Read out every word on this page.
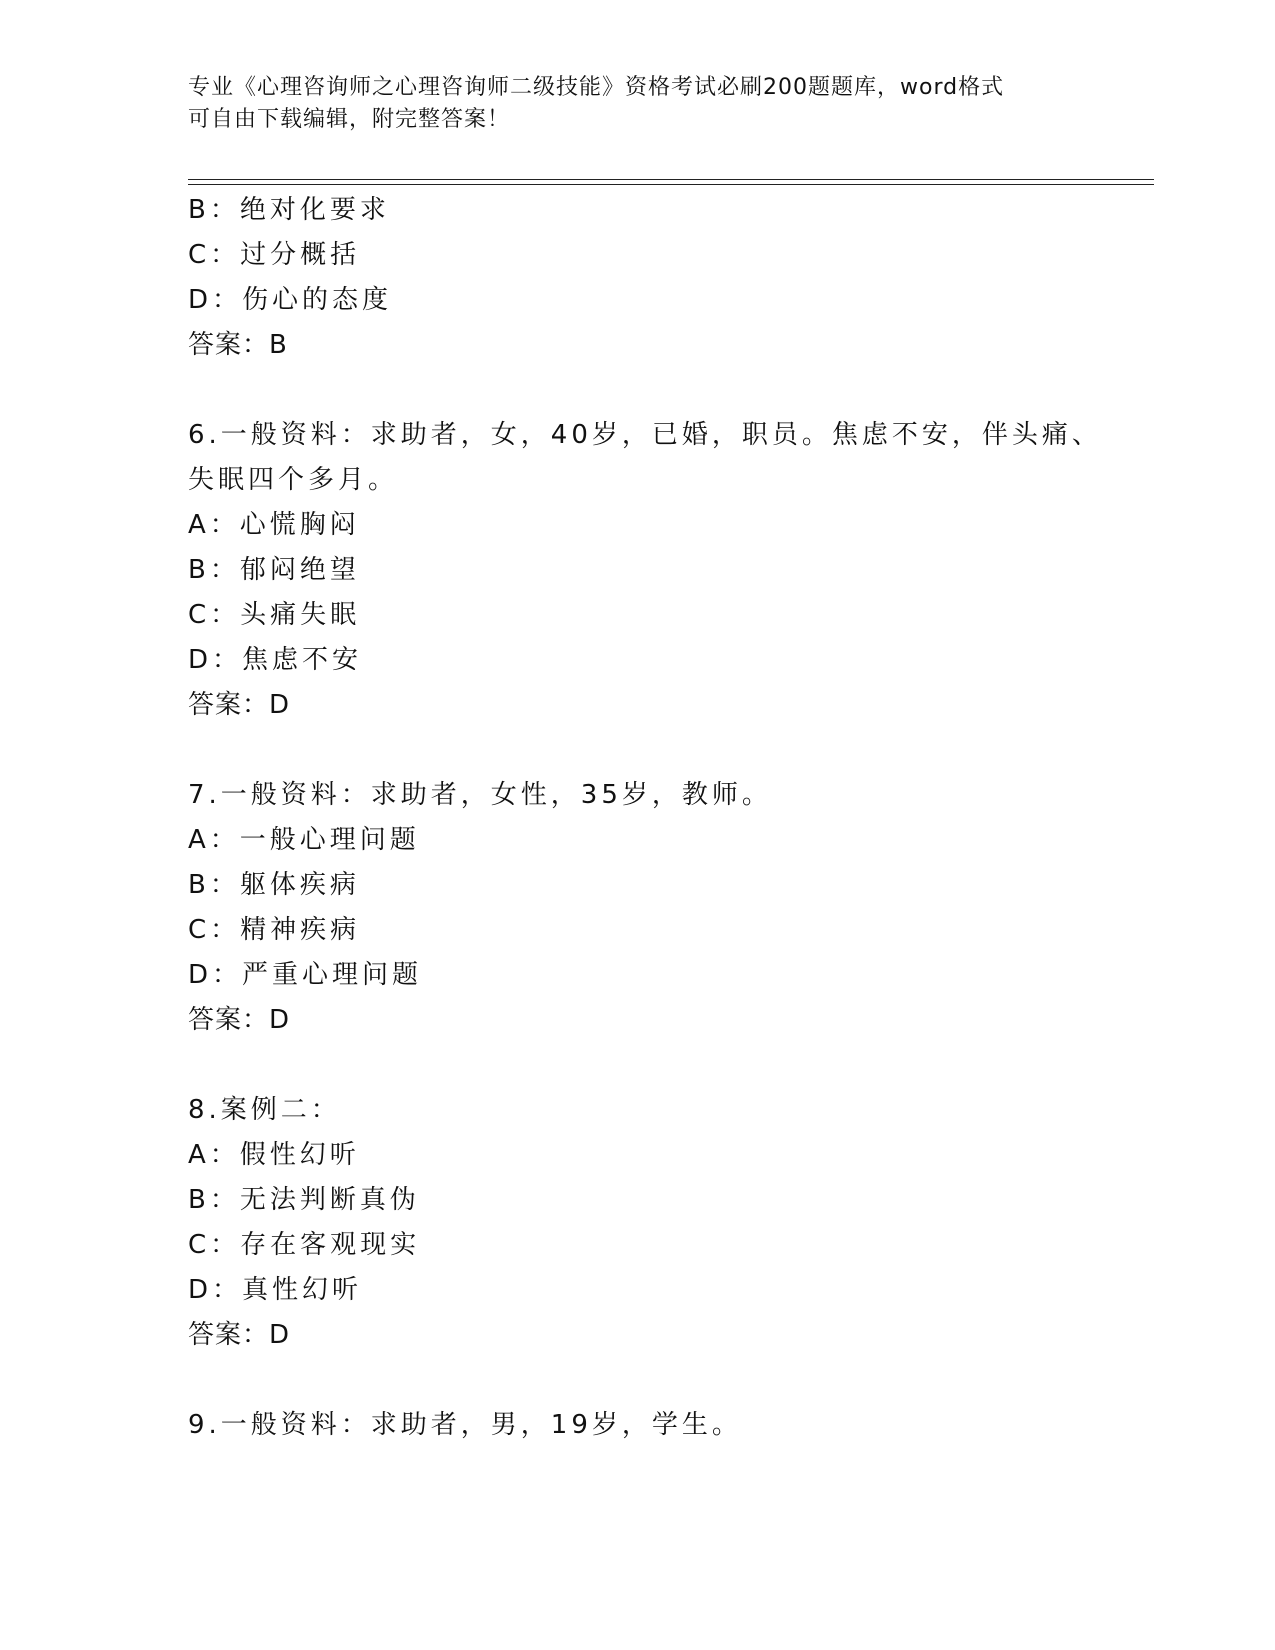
专业《心理咨询师之心理咨询师二级技能》资格考试必刷200题题库，word格式
可自由下载编辑，附完整答案！
B：绝对化要求
C：过分概括
D：伤心的态度
答案：B
6.一般资料：求助者，女，40岁，已婚，职员。焦虑不安，伴头痛、
失眠四个多月。
A：心慌胸闷
B：郁闷绝望
C：头痛失眠
D：焦虑不安
答案：D
7.一般资料：求助者，女性，35岁，教师。
A：一般心理问题
B：躯体疾病
C：精神疾病
D：严重心理问题
答案：D
8.案例二：
A：假性幻听
B：无法判断真伪
C：存在客观现实
D：真性幻听
答案：D
9.一般资料：求助者，男，19岁，学生。
